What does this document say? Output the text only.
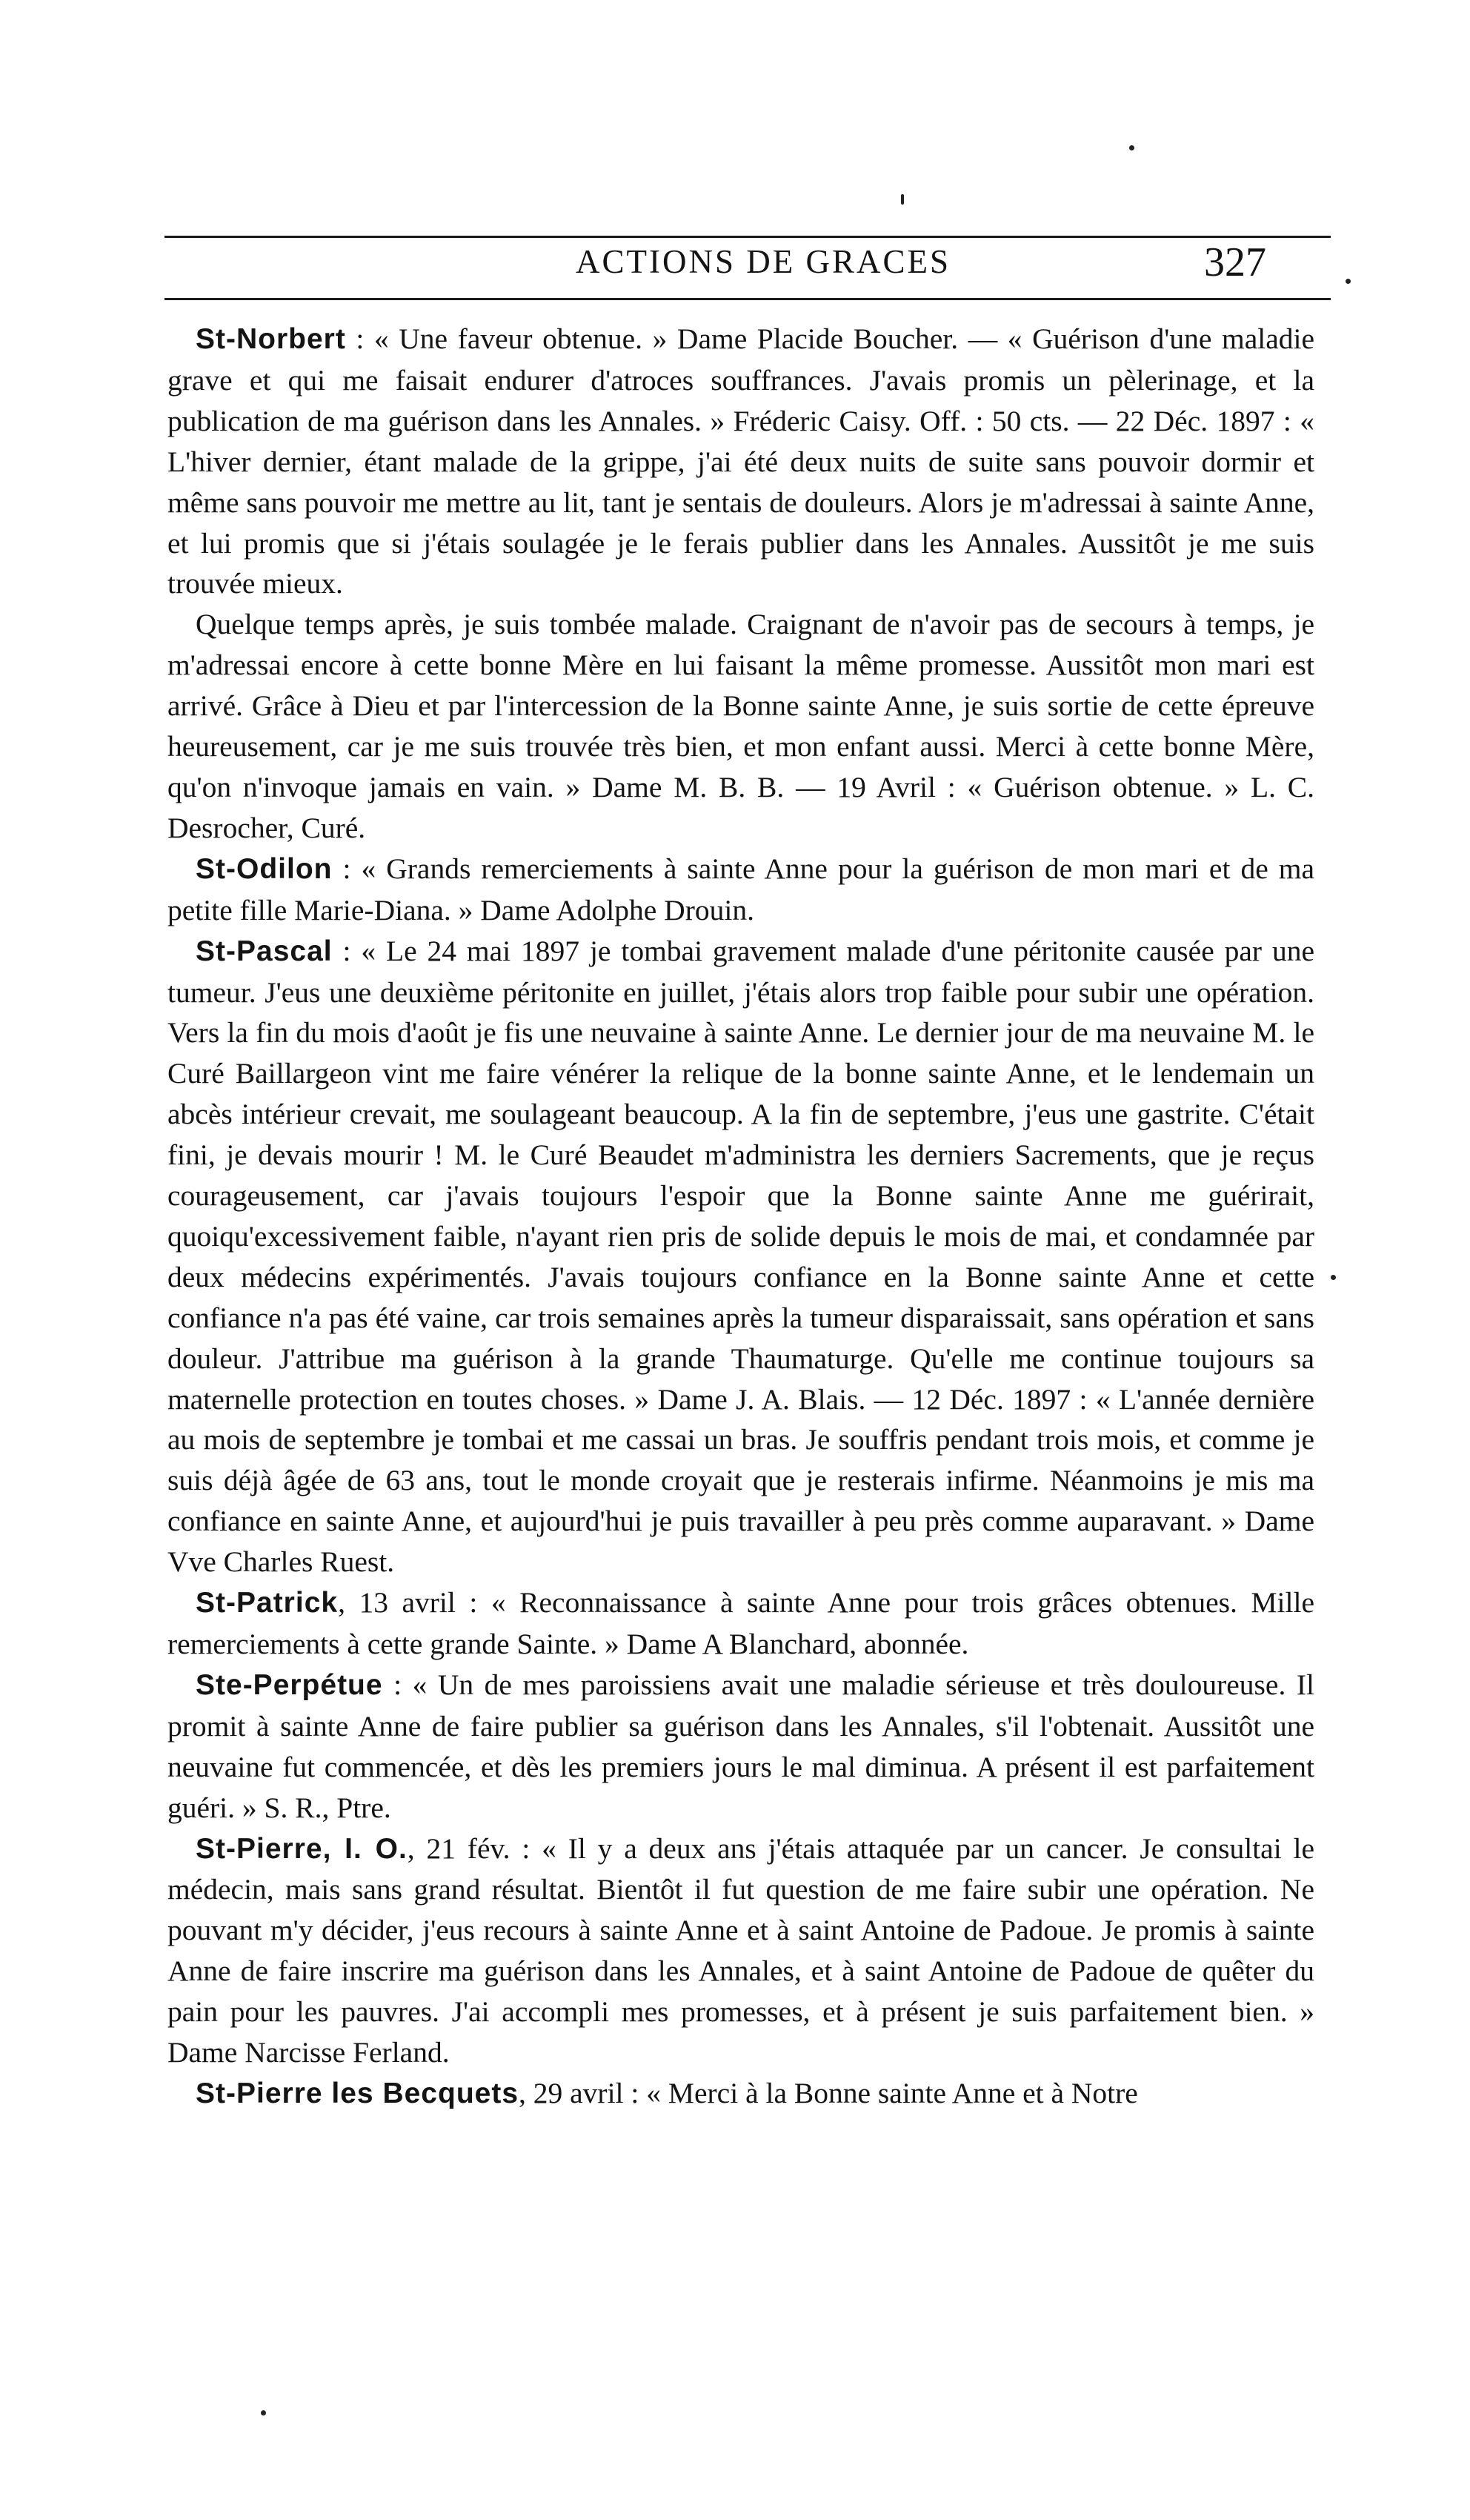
ACTIONS DE GRACES	327

St-Norbert : « Une faveur obtenue. » Dame Placide Boucher. — « Guérison d'une maladie grave et qui me faisait endurer d'atroces souffrances. J'avais promis un pèlerinage, et la publication de ma guérison dans les Annales. » Fréderic Caisy. Off. : 50 cts. — 22 Déc. 1897 : « L'hiver dernier, étant malade de la grippe, j'ai été deux nuits de suite sans pouvoir dormir et même sans pouvoir me mettre au lit, tant je sentais de douleurs. Alors je m'adressai à sainte Anne, et lui promis que si j'étais soulagée je le ferais publier dans les Annales. Aussitôt je me suis trouvée mieux.

Quelque temps après, je suis tombée malade. Craignant de n'avoir pas de secours à temps, je m'adressai encore à cette bonne Mère en lui faisant la même promesse. Aussitôt mon mari est arrivé. Grâce à Dieu et par l'intercession de la Bonne sainte Anne, je suis sortie de cette épreuve heureusement, car je me suis trouvée très bien, et mon enfant aussi. Merci à cette bonne Mère, qu'on n'invoque jamais en vain. » Dame M. B. B. — 19 Avril : « Guérison obtenue. » L. C. Desrocher, Curé.

St-Odilon : « Grands remerciements à sainte Anne pour la guérison de mon mari et de ma petite fille Marie-Diana. » Dame Adolphe Drouin.

St-Pascal : « Le 24 mai 1897 je tombai gravement malade d'une péritonite causée par une tumeur. J'eus une deuxième péritonite en juillet, j'étais alors trop faible pour subir une opération. Vers la fin du mois d'août je fis une neuvaine à sainte Anne. Le dernier jour de ma neuvaine M. le Curé Baillargeon vint me faire vénérer la relique de la bonne sainte Anne, et le lendemain un abcès intérieur crevait, me soulageant beaucoup. A la fin de septembre, j'eus une gastrite. C'était fini, je devais mourir ! M. le Curé Beaudet m'administra les derniers Sacrements, que je reçus courageusement, car j'avais toujours l'espoir que la Bonne sainte Anne me guérirait, quoiqu'excessivement faible, n'ayant rien pris de solide depuis le mois de mai, et condamnée par deux médecins expérimentés. J'avais toujours confiance en la Bonne sainte Anne et cette confiance n'a pas été vaine, car trois semaines après la tumeur disparaissait, sans opération et sans douleur. J'attribue ma guérison à la grande Thaumaturge. Qu'elle me continue toujours sa maternelle protection en toutes choses. » Dame J. A. Blais. — 12 Déc. 1897 : « L'année dernière au mois de septembre je tombai et me cassai un bras. Je souffris pendant trois mois, et comme je suis déjà âgée de 63 ans, tout le monde croyait que je resterais infirme. Néanmoins je mis ma confiance en sainte Anne, et aujourd'hui je puis travailler à peu près comme auparavant. » Dame Vve Charles Ruest.

St-Patrick, 13 avril : « Reconnaissance à sainte Anne pour trois grâces obtenues. Mille remerciements à cette grande Sainte. » Dame A Blanchard, abonnée.

Ste-Perpétue : « Un de mes paroissiens avait une maladie sérieuse et très douloureuse. Il promit à sainte Anne de faire publier sa guérison dans les Annales, s'il l'obtenait. Aussitôt une neuvaine fut commencée, et dès les premiers jours le mal diminua. A présent il est parfaitement guéri. » S. R., Ptre.

St-Pierre, I. O., 21 fév. : « Il y a deux ans j'étais attaquée par un cancer. Je consultai le médecin, mais sans grand résultat. Bientôt il fut question de me faire subir une opération. Ne pouvant m'y décider, j'eus recours à sainte Anne et à saint Antoine de Padoue. Je promis à sainte Anne de faire inscrire ma guérison dans les Annales, et à saint Antoine de Padoue de quêter du pain pour les pauvres. J'ai accompli mes promesses, et à présent je suis parfaitement bien. » Dame Narcisse Ferland.

St-Pierre les Becquets, 29 avril : « Merci à la Bonne sainte Anne et à Notre
